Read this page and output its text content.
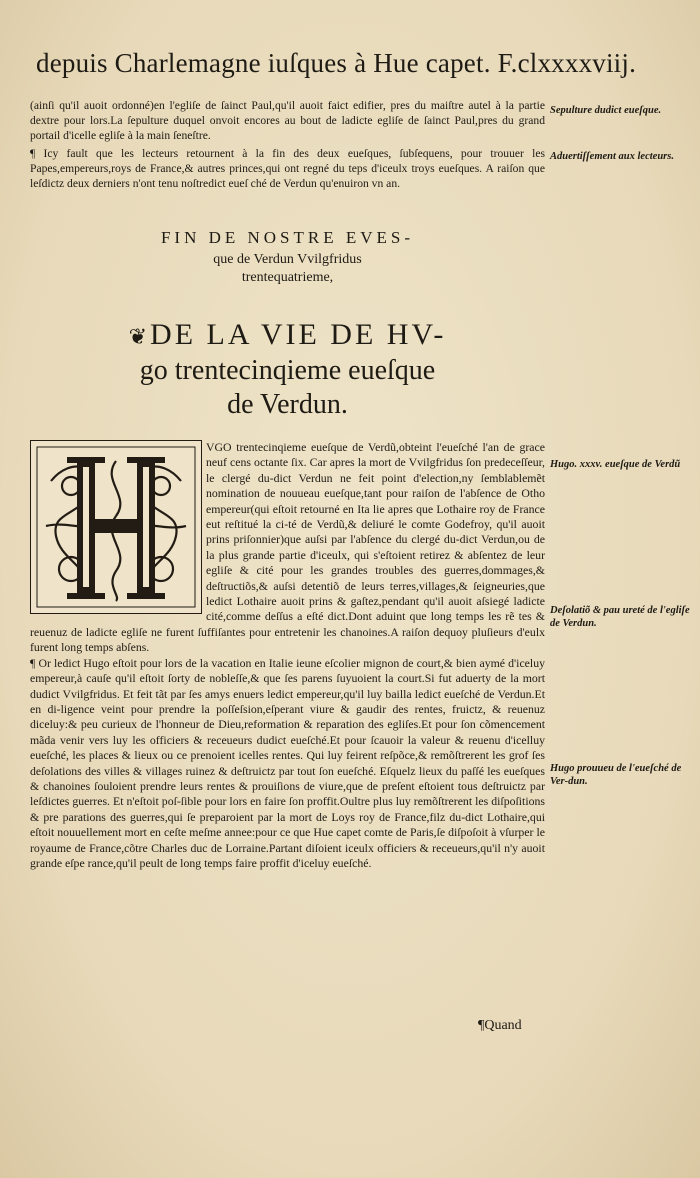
depuis Charlemagne iuſques à Hue capet. F.clxxxxviij.

(ainſi qu'il auoit ordonné)en l'egliſe de ſainct Paul,qu'il auoit faict edifier, pres du maiſtre autel à la partie dextre pour lors.La ſepulture duquel onvoit encores au bout de ladicte egliſe de ſainct Paul,pres du grand portail d'icelle egliſe à la main ſeneſtre.

¶ Icy fault que les lecteurs retournent à la fin des deux eueſques, ſubſequens, pour trouuer les Papes,empereurs,roys de France,& autres princes,qui ont regné du teps d'iceulx troys eueſques. A raiſon que leſdictz deux derniers n'ont tenu noſtredict eueſ ché de Verdun qu'enuiron vn an.

Sepulture dudict eueſque.
Aduertiſſement aux lecteurs.
FIN DE NOSTRE EVES-
que de Verdun Vvilgfridus
trentequatrieme,
❦DE LA VIE DE HV-
go trentecinqieme eueſque
de Verdun.

VGO trentecinqieme eueſque de Verdũ,obteint l'eueſché l'an de grace neuf cens octante ſix. Car apres la mort de Vvilgfridus ſon predeceſſeur, le clergé du-dict Verdun ne feit point d'election,ny ſemblablemẽt nomination de nouueau eueſque,tant pour raiſon de l'abſence de Otho empereur(qui eſtoit retourné en Ita lie apres que Lothaire roy de France eut reſtitué la ci-té de Verdũ,& deliuré le comte Godefroy, qu'il auoit prins priſonnier)que auſsi par l'abſence du clergé du-dict Verdun,ou de la plus grande partie d'iceulx, qui s'eſtoient retirez & abſentez de leur egliſe & cité pour les grandes troubles des guerres,dommages,& deſtructiõs,& auſsi detentiõ de leurs terres,villages,& ſeigneuries,que ledict Lothaire auoit prins & gaſtez,pendant qu'il auoit aſsiegé ladicte cité,comme deſſus a eſté dict.Dont aduint que long temps les rẽ tes & reuenuz de ladicte egliſe ne furent ſuffiſantes pour entretenir les chanoines.A raiſon dequoy pluſieurs d'eulx furent long temps abſens.

¶ Or ledict Hugo eſtoit pour lors de la vacation en Italie ieune eſcolier mignon de court,& bien aymé d'iceluy empereur,à cauſe qu'il eſtoit ſorty de nobleſſe,& que ſes parens ſuyuoient la court.Si fut aduerty de la mort dudict Vvilgfridus. Et feit tãt par ſes amys enuers ledict empereur,qu'il luy bailla ledict eueſché de Verdun.Et en di-ligence veint pour prendre la poſſeſsion,eſperant viure & gaudir des rentes, fruictz, & reuenuz diceluy:& peu curieux de l'honneur de Dieu,reformation & reparation des egliſes.Et pour ſon cõmencement mãda venir vers luy les officiers & receueurs dudict eueſché.Et pour ſcauoir la valeur & reuenu d'icelluy eueſché, les places & lieux ou ce prenoient icelles rentes. Qui luy feirent reſpõce,& remõſtrerent les grof ſes deſolations des villes & villages ruinez & deſtruictz par tout ſon eueſché. Eſquelz lieux du paſſé les eueſques & chanoines ſouloient prendre leurs rentes & prouiſions de viure,que de preſent eſtoient tous deſtruictz par leſdictes guerres. Et n'eſtoit poſ-ſible pour lors en faire ſon proffit.Oultre plus luy remõſtrerent les diſpoſitions & pre parations des guerres,qui ſe preparoient par la mort de Loys roy de France,filz du-dict Lothaire,qui eſtoit nouuellement mort en ceſte meſme annee:pour ce que Hue capet comte de Paris,ſe diſpoſoit à vſurper le royaume de France,cõtre Charles duc de Lorraine.Partant diſoient iceulx officiers & receueurs,qu'il n'y auoit grande eſpe rance,qu'il peult de long temps faire proffit d'iceluy eueſché.

Hugo. xxxv. eueſque de Verdũ
Deſolatiõ & pau ureté de l'egliſe de Verdun.
Hugo prouueu de l'eueſché de Ver-dun.
¶Quand
